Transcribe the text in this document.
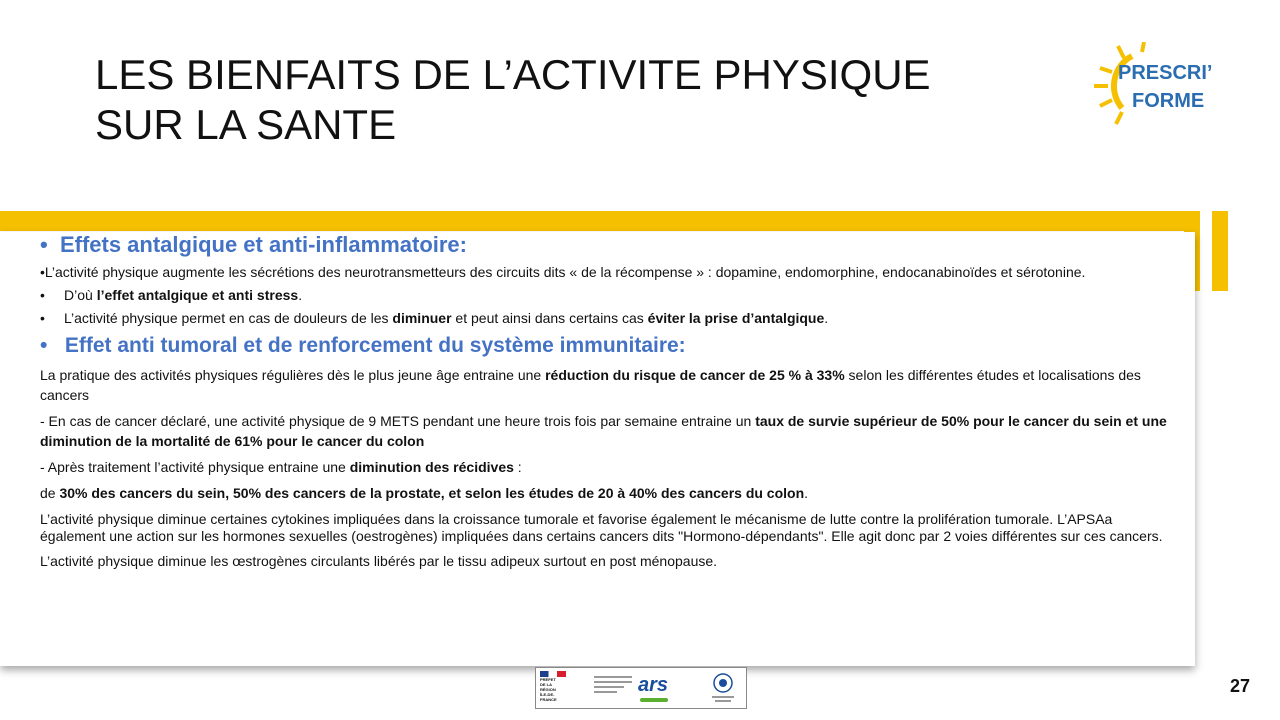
LES BIENFAITS DE L’ACTIVITE PHYSIQUE
SUR LA SANTE
PRESCRI’
FORME
• Effets antalgique et anti-inflammatoire:
•L’activité physique augmente les sécrétions des neurotransmetteurs des circuits dits « de la récompense » : dopamine, endomorphine, endocanabinoïdes et sérotonine.
•	D’où l’effet antalgique et anti stress.
•	L’activité physique permet en cas de douleurs de les diminuer et peut ainsi dans certains cas éviter la prise d’antalgique.
• Effet anti tumoral et de renforcement du système immunitaire:
La pratique des activités physiques régulières dès le plus jeune âge entraine une réduction du risque de cancer de 25 % à 33% selon les différentes études et localisations des cancers
- En cas de cancer déclaré, une activité physique de 9 METS pendant une heure trois fois par semaine entraine un taux de survie supérieur de 50% pour le cancer du sein et une diminution de la mortalité de 61% pour le cancer du colon
- Après traitement l’activité physique entraine une diminution des récidives :
de 30% des cancers du sein, 50% des cancers de la prostate, et selon les études de 20 à 40% des cancers du colon.
L’activité physique diminue certaines cytokines impliquées dans la croissance tumorale et favorise également le mécanisme de lutte contre la prolifération tumorale. L’APSAa également une action sur les hormones sexuelles (oestrogènes) impliquées dans certains cancers dits "Hormono-dépendants". Elle agit donc par 2 voies différentes sur ces cancers.
L’activité physique diminue les œstrogènes circulants libérés par le tissu adipeux surtout en post ménopause.
PRÉFET
DE LA RÉGION
ÎLE-DE-FRANCE
ars	27
